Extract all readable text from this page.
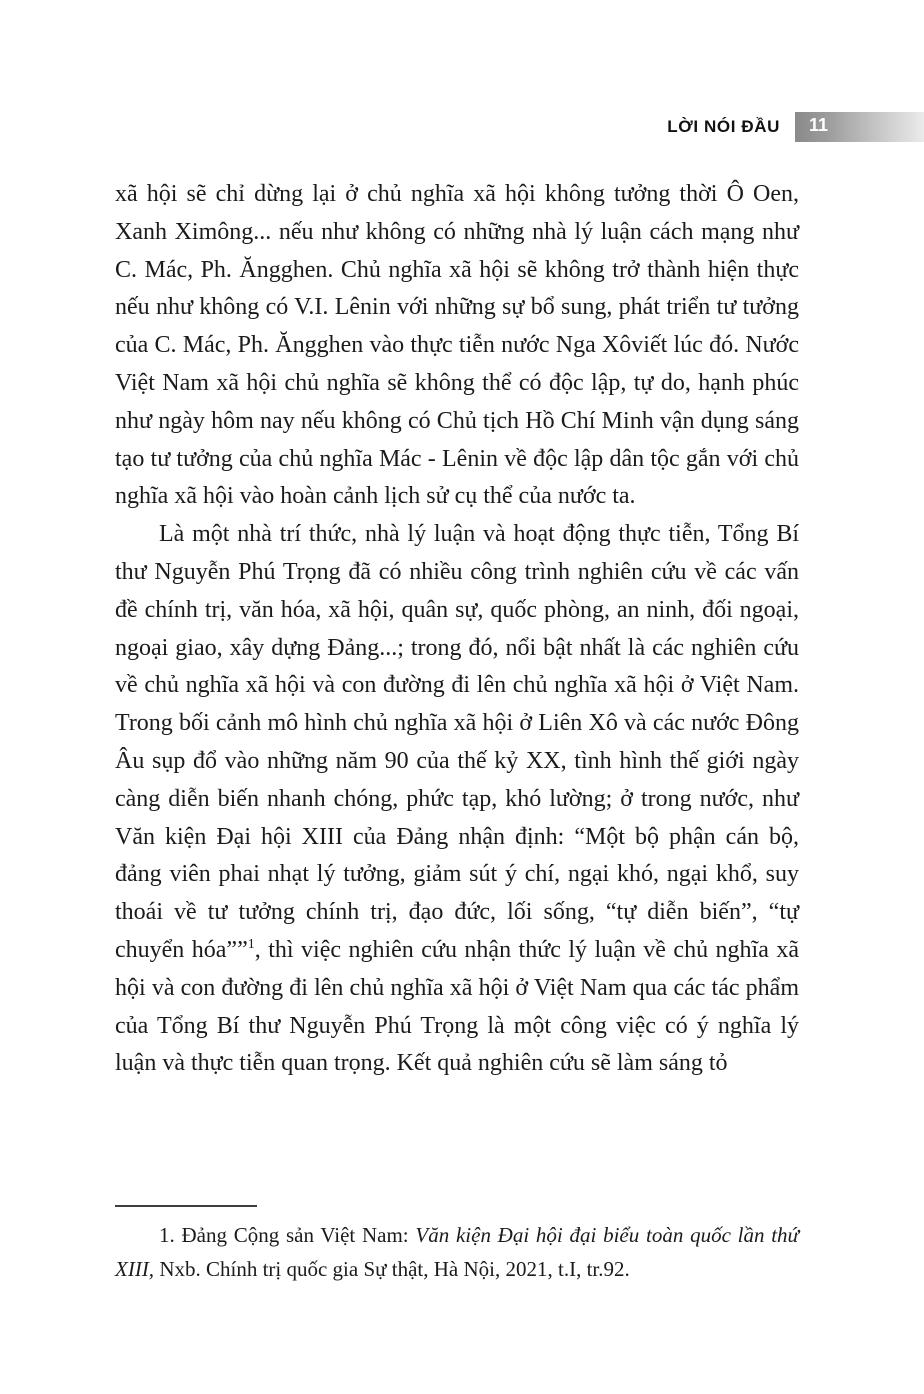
LỜI NÓI ĐẦU 11

xã hội sẽ chỉ dừng lại ở chủ nghĩa xã hội không tưởng thời Ô Oen, Xanh Ximông... nếu như không có những nhà lý luận cách mạng như C. Mác, Ph. Ăngghen. Chủ nghĩa xã hội sẽ không trở thành hiện thực nếu như không có V.I. Lênin với những sự bổ sung, phát triển tư tưởng của C. Mác, Ph. Ăngghen vào thực tiễn nước Nga Xôviết lúc đó. Nước Việt Nam xã hội chủ nghĩa sẽ không thể có độc lập, tự do, hạnh phúc như ngày hôm nay nếu không có Chủ tịch Hồ Chí Minh vận dụng sáng tạo tư tưởng của chủ nghĩa Mác - Lênin về độc lập dân tộc gắn với chủ nghĩa xã hội vào hoàn cảnh lịch sử cụ thể của nước ta.

Là một nhà trí thức, nhà lý luận và hoạt động thực tiễn, Tổng Bí thư Nguyễn Phú Trọng đã có nhiều công trình nghiên cứu về các vấn đề chính trị, văn hóa, xã hội, quân sự, quốc phòng, an ninh, đối ngoại, ngoại giao, xây dựng Đảng...; trong đó, nổi bật nhất là các nghiên cứu về chủ nghĩa xã hội và con đường đi lên chủ nghĩa xã hội ở Việt Nam. Trong bối cảnh mô hình chủ nghĩa xã hội ở Liên Xô và các nước Đông Âu sụp đổ vào những năm 90 của thế kỷ XX, tình hình thế giới ngày càng diễn biến nhanh chóng, phức tạp, khó lường; ở trong nước, như Văn kiện Đại hội XIII của Đảng nhận định: “Một bộ phận cán bộ, đảng viên phai nhạt lý tưởng, giảm sút ý chí, ngại khó, ngại khổ, suy thoái về tư tưởng chính trị, đạo đức, lối sống, “tự diễn biến”, “tự chuyển hóa””$^1$, thì việc nghiên cứu nhận thức lý luận về chủ nghĩa xã hội và con đường đi lên chủ nghĩa xã hội ở Việt Nam qua các tác phẩm của Tổng Bí thư Nguyễn Phú Trọng là một công việc có ý nghĩa lý luận và thực tiễn quan trọng. Kết quả nghiên cứu sẽ làm sáng tỏ

1. Đảng Cộng sản Việt Nam: Văn kiện Đại hội đại biểu toàn quốc lần thứ XIII, Nxb. Chính trị quốc gia Sự thật, Hà Nội, 2021, t.I, tr.92.
